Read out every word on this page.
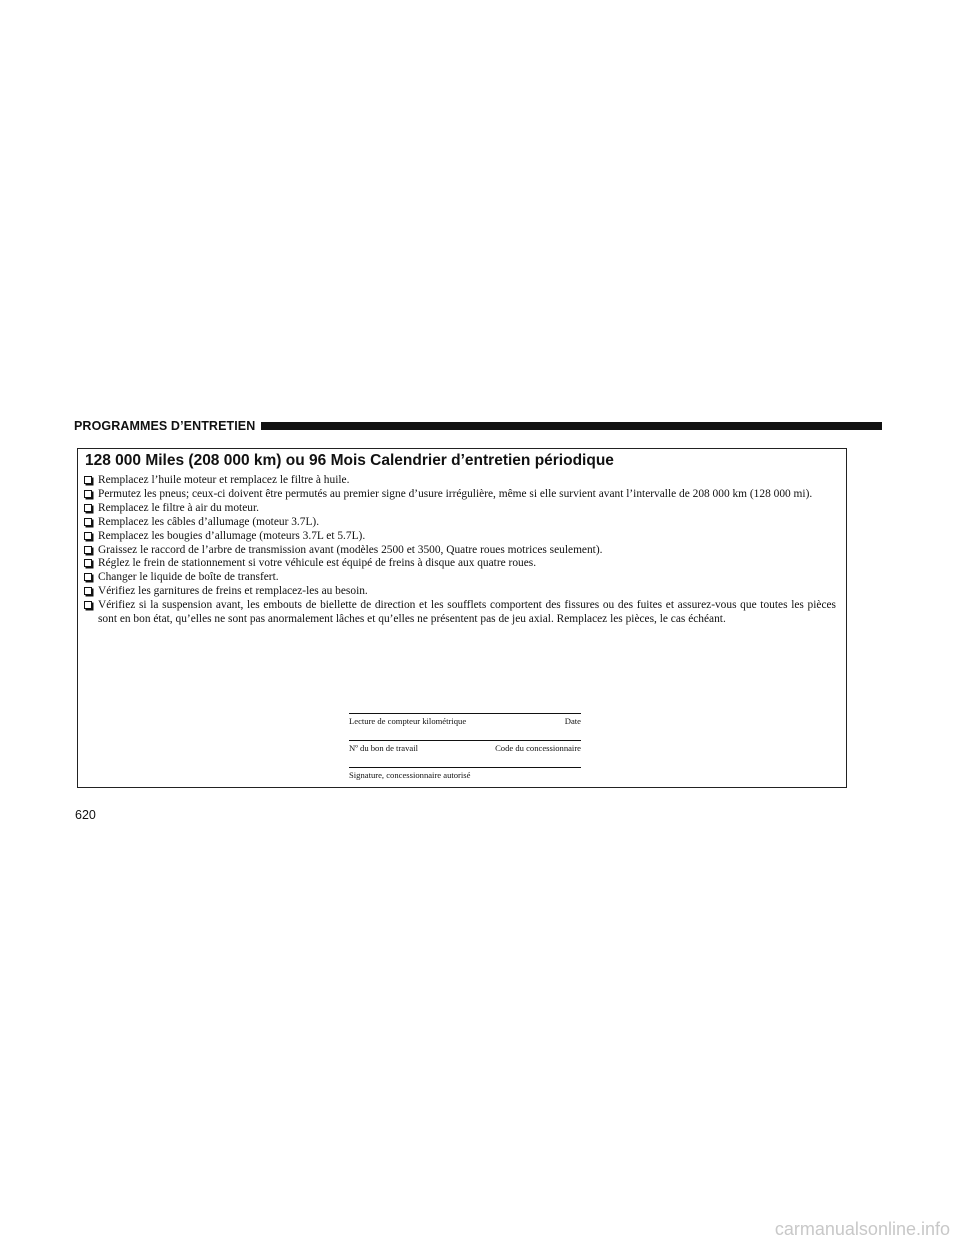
PROGRAMMES D’ENTRETIEN
128 000 Miles (208 000 km) ou 96 Mois Calendrier d’entretien périodique
Remplacez l’huile moteur et remplacez le filtre à huile.
Permutez les pneus; ceux-ci doivent être permutés au premier signe d’usure irrégulière, même si elle survient avant l’intervalle de 208 000 km (128 000 mi).
Remplacez le filtre à air du moteur.
Remplacez les câbles d’allumage (moteur 3.7L).
Remplacez les bougies d’allumage (moteurs 3.7L et 5.7L).
Graissez le raccord de l’arbre de transmission avant (modèles 2500 et 3500, Quatre roues motrices seulement).
Réglez le frein de stationnement si votre véhicule est équipé de freins à disque aux quatre roues.
Changer le liquide de boîte de transfert.
Vérifiez les garnitures de freins et remplacez-les au besoin.
Vérifiez si la suspension avant, les embouts de biellette de direction et les soufflets comportent des fissures ou des fuites et assurez-vous que toutes les pièces sont en bon état, qu’elles ne sont pas anormalement lâches et qu’elles ne présentent pas de jeu axial. Remplacez les pièces, le cas échéant.
Lecture de compteur kilométrique	Date
Nº du bon de travail	Code du concessionnaire
Signature, concessionnaire autorisé
620
carmanualsonline.info
